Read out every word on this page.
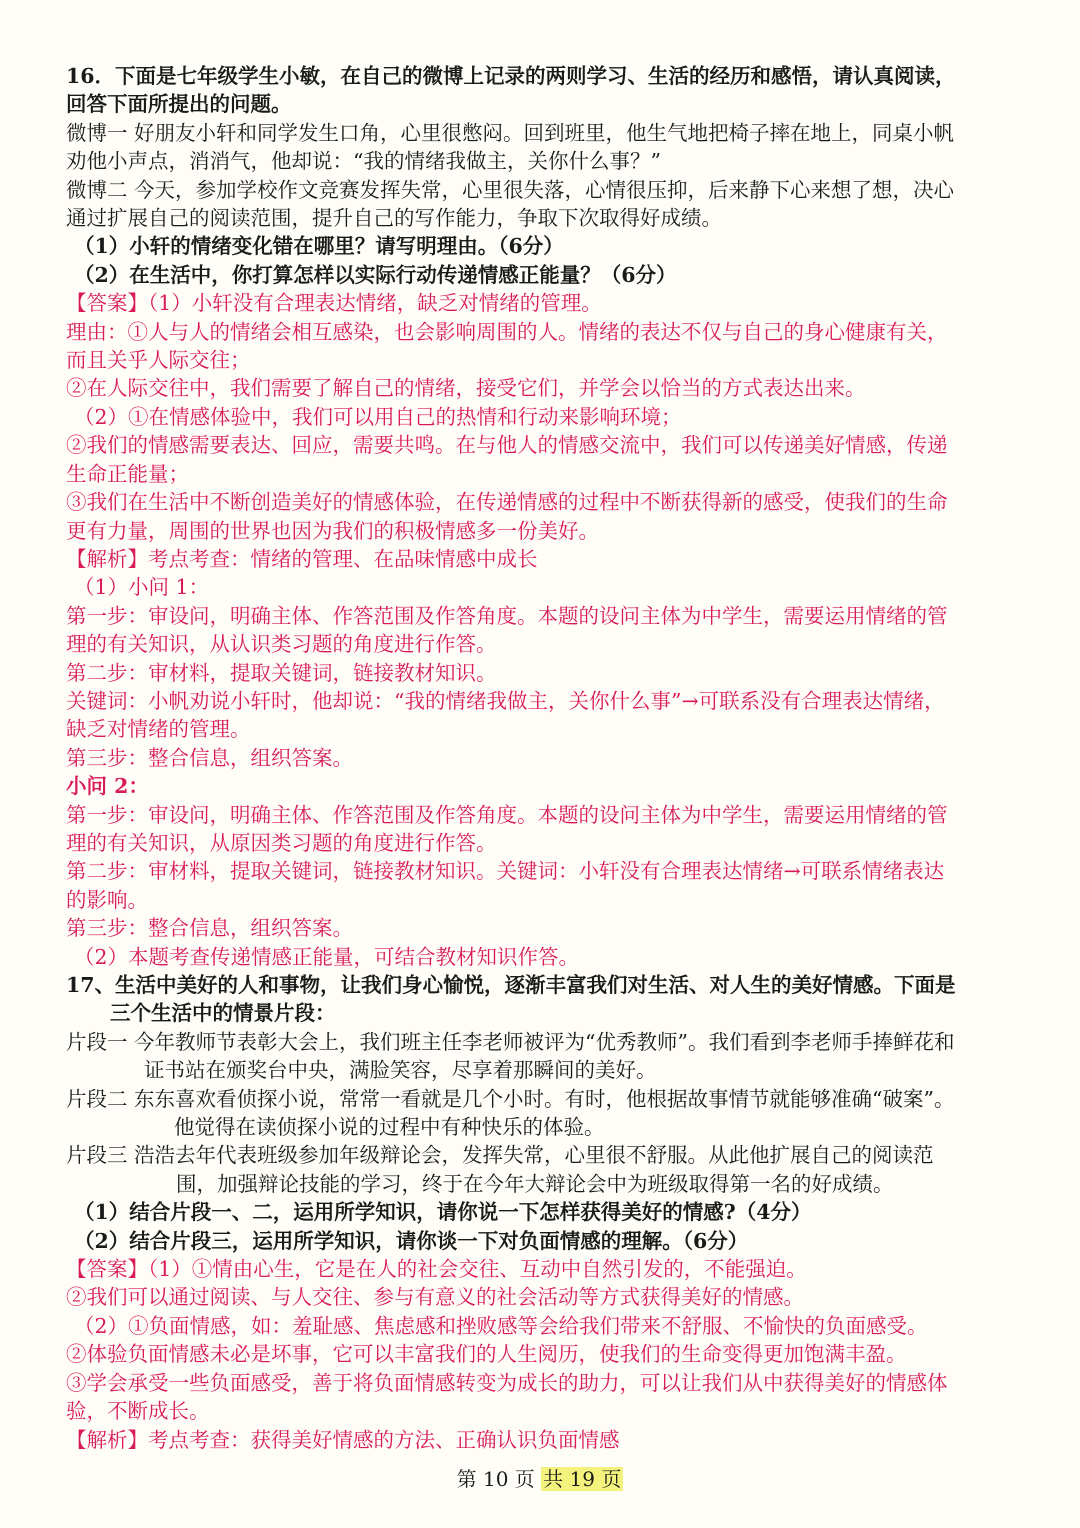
16．下面是七年级学生小敏，在自己的微博上记录的两则学习、生活的经历和感悟，请认真阅读，
回答下面所提出的问题。
微博一 好朋友小轩和同学发生口角，心里很憋闷。回到班里，他生气地把椅子摔在地上，同桌小帆
劝他小声点，消消气，他却说：“我的情绪我做主，关你什么事？”
微博二 今天，参加学校作文竞赛发挥失常，心里很失落，心情很压抑，后来静下心来想了想，决心
通过扩展自己的阅读范围，提升自己的写作能力，争取下次取得好成绩。
（1）小轩的情绪变化错在哪里？请写明理由。（6分）
（2）在生活中，你打算怎样以实际行动传递情感正能量？（6分）
【答案】（1）小轩没有合理表达情绪，缺乏对情绪的管理。
理由：①人与人的情绪会相互感染，也会影响周围的人。情绪的表达不仅与自己的身心健康有关，
而且关乎人际交往；
②在人际交往中，我们需要了解自己的情绪，接受它们，并学会以恰当的方式表达出来。
（2）①在情感体验中，我们可以用自己的热情和行动来影响环境；
②我们的情感需要表达、回应，需要共鸣。在与他人的情感交流中，我们可以传递美好情感，传递
生命正能量；
③我们在生活中不断创造美好的情感体验，在传递情感的过程中不断获得新的感受，使我们的生命
更有力量，周围的世界也因为我们的积极情感多一份美好。
【解析】考点考查：情绪的管理、在品味情感中成长
（1）小问 1：
第一步：审设问，明确主体、作答范围及作答角度。本题的设问主体为中学生，需要运用情绪的管
理的有关知识，从认识类习题的角度进行作答。
第二步：审材料，提取关键词，链接教材知识。
关键词：小帆劝说小轩时，他却说：“我的情绪我做主，关你什么事”→可联系没有合理表达情绪，
缺乏对情绪的管理。
第三步：整合信息，组织答案。
小问 2：
第一步：审设问，明确主体、作答范围及作答角度。本题的设问主体为中学生，需要运用情绪的管
理的有关知识，从原因类习题的角度进行作答。
第二步：审材料，提取关键词，链接教材知识。关键词：小轩没有合理表达情绪→可联系情绪表达
的影响。
第三步：整合信息，组织答案。
（2）本题考查传递情感正能量，可结合教材知识作答。
17、生活中美好的人和事物，让我们身心愉悦，逐渐丰富我们对生活、对人生的美好情感。下面是
三个生活中的情景片段：
片段一 今年教师节表彰大会上，我们班主任李老师被评为“优秀教师”。我们看到李老师手捧鲜花和
证书站在颁奖台中央，满脸笑容，尽享着那瞬间的美好。
片段二 东东喜欢看侦探小说，常常一看就是几个小时。有时，他根据故事情节就能够准确“破案”。
他觉得在读侦探小说的过程中有种快乐的体验。
片段三 浩浩去年代表班级参加年级辩论会，发挥失常，心里很不舒服。从此他扩展自己的阅读范
围，加强辩论技能的学习，终于在今年大辩论会中为班级取得第一名的好成绩。
（1）结合片段一、二，运用所学知识，请你说一下怎样获得美好的情感?（4分）
（2）结合片段三，运用所学知识，请你谈一下对负面情感的理解。（6分）
【答案】（1）①情由心生，它是在人的社会交往、互动中自然引发的，不能强迫。
②我们可以通过阅读、与人交往、参与有意义的社会活动等方式获得美好的情感。
（2）①负面情感，如：羞耻感、焦虑感和挫败感等会给我们带来不舒服、不愉快的负面感受。
②体验负面情感未必是坏事，它可以丰富我们的人生阅历，使我们的生命变得更加饱满丰盈。
③学会承受一些负面感受，善于将负面情感转变为成长的助力，可以让我们从中获得美好的情感体
验，不断成长。
【解析】考点考查：获得美好情感的方法、正确认识负面情感
第 10 页 共 19 页
